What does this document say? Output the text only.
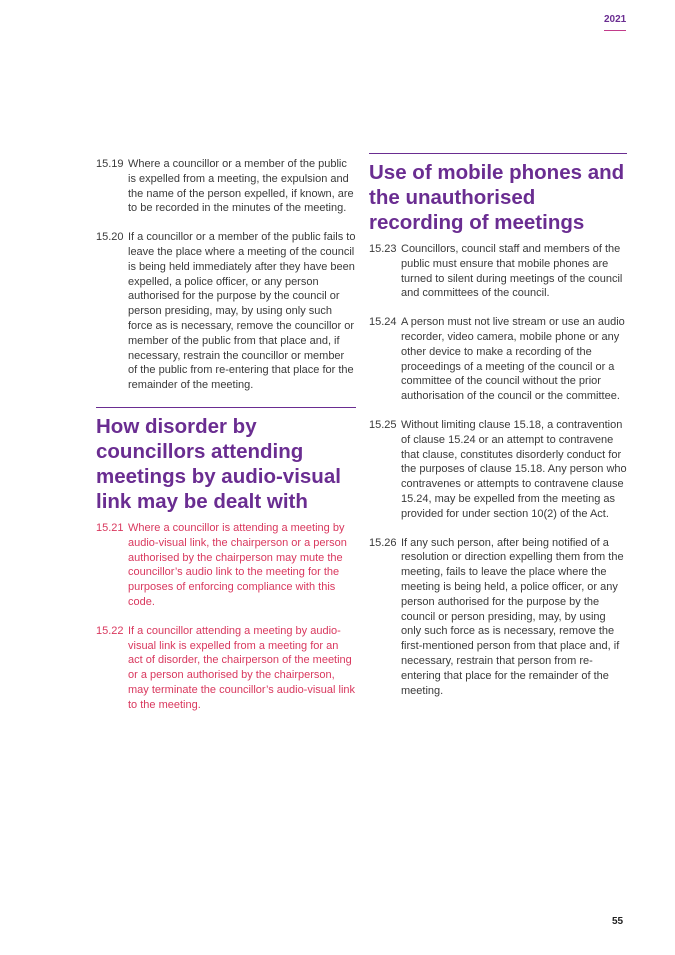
2021
15.19 Where a councillor or a member of the public is expelled from a meeting, the expulsion and the name of the person expelled, if known, are to be recorded in the minutes of the meeting.
15.20 If a councillor or a member of the public fails to leave the place where a meeting of the council is being held immediately after they have been expelled, a police officer, or any person authorised for the purpose by the council or person presiding, may, by using only such force as is necessary, remove the councillor or member of the public from that place and, if necessary, restrain the councillor or member of the public from re-entering that place for the remainder of the meeting.
How disorder by councillors attending meetings by audio-visual link may be dealt with
15.21 Where a councillor is attending a meeting by audio-visual link, the chairperson or a person authorised by the chairperson may mute the councillor’s audio link to the meeting for the purposes of enforcing compliance with this code.
15.22 If a councillor attending a meeting by audio-visual link is expelled from a meeting for an act of disorder, the chairperson of the meeting or a person authorised by the chairperson, may terminate the councillor’s audio-visual link to the meeting.
Use of mobile phones and the unauthorised recording of meetings
15.23 Councillors, council staff and members of the public must ensure that mobile phones are turned to silent during meetings of the council and committees of the council.
15.24 A person must not live stream or use an audio recorder, video camera, mobile phone or any other device to make a recording of the proceedings of a meeting of the council or a committee of the council without the prior authorisation of the council or the committee.
15.25 Without limiting clause 15.18, a contravention of clause 15.24 or an attempt to contravene that clause, constitutes disorderly conduct for the purposes of clause 15.18. Any person who contravenes or attempts to contravene clause 15.24, may be expelled from the meeting as provided for under section 10(2) of the Act.
15.26 If any such person, after being notified of a resolution or direction expelling them from the meeting, fails to leave the place where the meeting is being held, a police officer, or any person authorised for the purpose by the council or person presiding, may, by using only such force as is necessary, remove the first-mentioned person from that place and, if necessary, restrain that person from re-entering that place for the remainder of the meeting.
55
